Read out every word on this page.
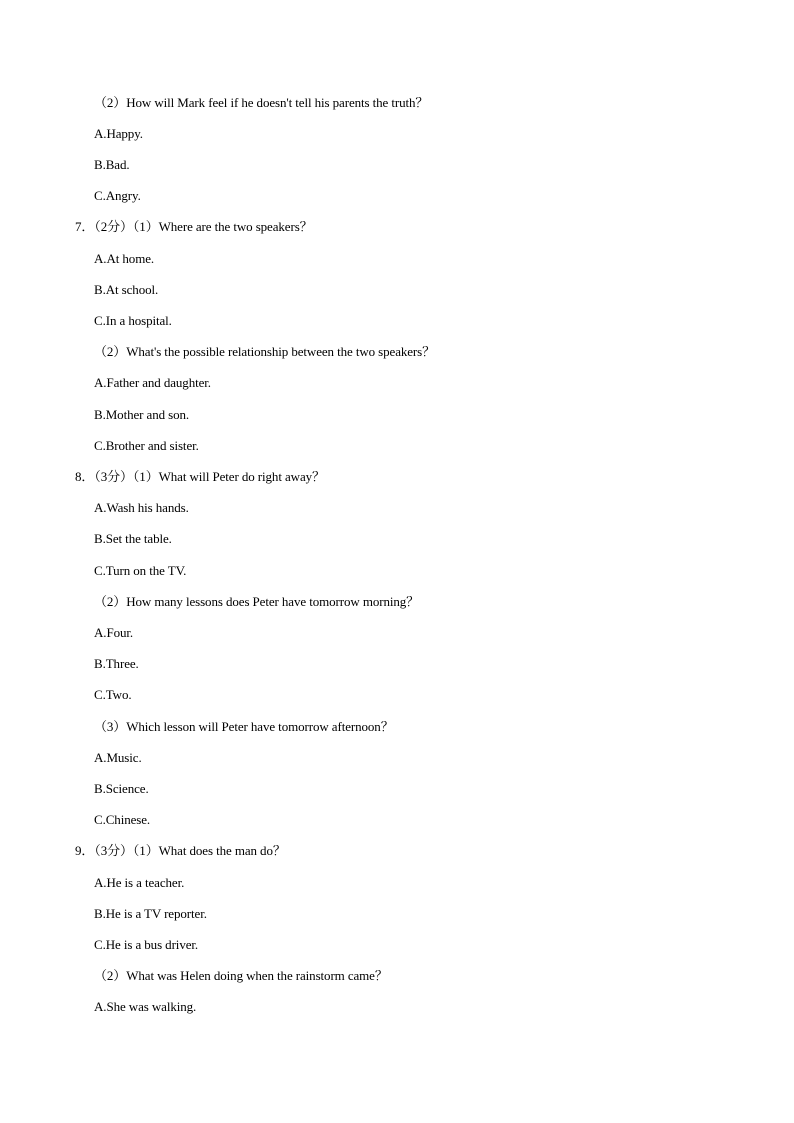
（2）How will Mark feel if he doesn't tell his parents the truth？
A.Happy.
B.Bad.
C.Angry.
7．（2分）（1）Where are the two speakers？
A.At home.
B.At school.
C.In a hospital.
（2）What's the possible relationship between the two speakers？
A.Father and daughter.
B.Mother and son.
C.Brother and sister.
8．（3分）（1）What will Peter do right away？
A.Wash his hands.
B.Set the table.
C.Turn on the TV.
（2）How many lessons does Peter have tomorrow morning？
A.Four.
B.Three.
C.Two.
（3）Which lesson will Peter have tomorrow afternoon？
A.Music.
B.Science.
C.Chinese.
9．（3分）（1）What does the man do？
A.He is a teacher.
B.He is a TV reporter.
C.He is a bus driver.
（2）What was Helen doing when the rainstorm came？
A.She was walking.
